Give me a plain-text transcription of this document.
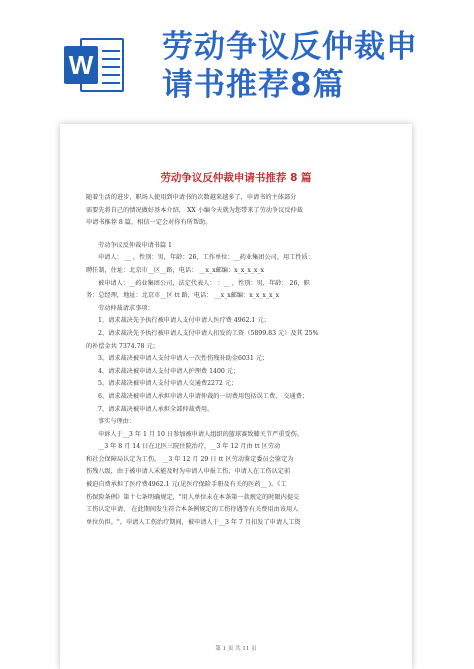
W 劳动争议反仲裁申
请书推荐8篇
劳动争议反仲裁申请书推荐 8 篇

随着生活的进步，职场人使用到申请书的次数越来越多了，申请书的主体部分

需要先将自己的情况做好基本介绍， XX 小编今天就为您带来了劳动争议反仲裁

申请书推荐 8 篇，相信一定会对你有所帮助。

劳动争议反仲裁申请书篇 1

申请人： __ ，性别：男，年龄：26，工作单位：__药业集团公司，用工性质：

聘任制，住址：北京市__区__路，电话： __x_x邮编：x_x_x_x_x

被申请人：__药业集团公司，法定代表人： ：__ ，性别：男，年龄： 26，职

务：总经理，地址：北京市__区 tt 路，电话： __x_x邮编：x_x_x_x_x

劳动仲裁请求事项：

1、请求裁决先予执行被申请人支付申请人医疗费 4962.1 元；

2、请求裁决先予执行被申请人支付申请人扣发的工资（5899.83 元）及其 25%

的补偿金共 7374.78 元；

3、请求裁决被申请人支付申请人一次性伤残补助金6031 元；

4、请求裁决被申请人支付申请人护理费 1400 元；

5、请求裁决被申请人支付申请人交通费2272 元；

6、请求裁决被申请人承担申请人申请仲裁的一切费用包括误工费、 交通费；

7、请求裁决被申请人承担全部仲裁费用。

事实与理由：

申诉人于__3 年 1 月 10 日参加被申请人组织的篮球赛致膝关节严重受伤。

__3 年 8 月 14 日在北医三院住院治疗，__3 年 12 月由 tt 区劳动

和社会保障局认定为工伤。 __3 年 12 月 29 日 tt 区劳动鉴定委员会鉴定为

伤残八级，由于被申请人未能及时为申请人申报工伤，申请人在工伤认定前

被迫自费承担了医疗费4962.1 元(见医疗保险手册及有关的医药__ )。《工

伤保险条例》第十七条明确规定，"用人单位未在本条第一款规定的时限内提交

工伤认定申请， 在此期间发生符合本条例规定的工伤待遇等有关费用由该用人

单位负担。"。申请人工伤治疗期间，被申请人于__3 年 7 月扣发了申请人工资

第 1 页 共 11 页
